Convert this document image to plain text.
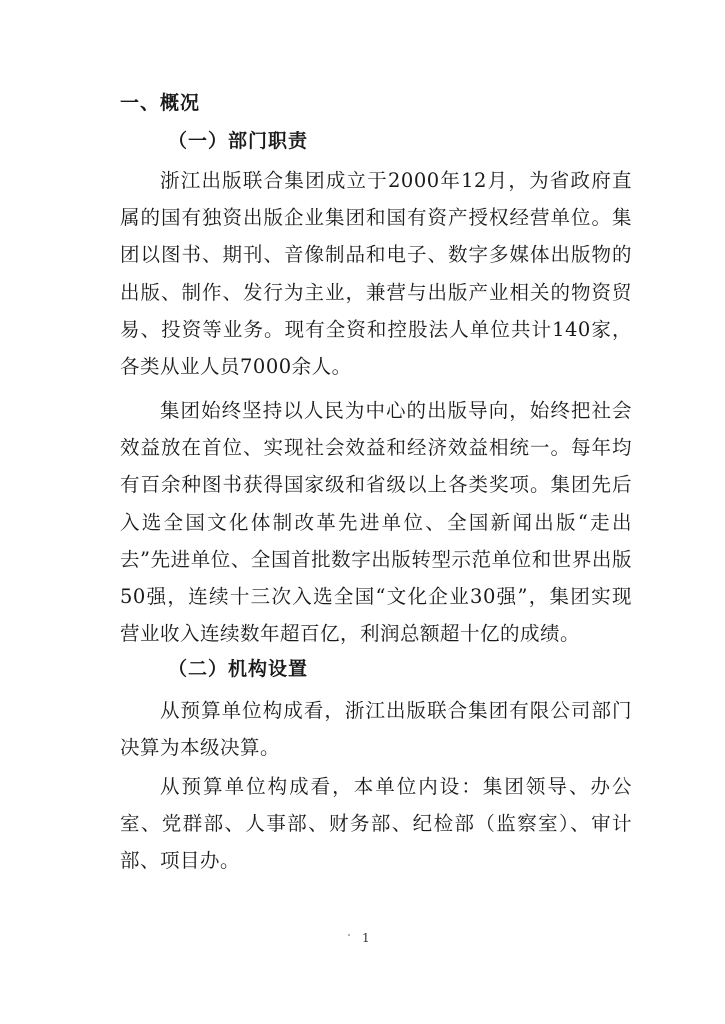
一、概况
（一）部门职责

浙江出版联合集团成立于2000年12月，为省政府直属的国有独资出版企业集团和国有资产授权经营单位。集团以图书、期刊、音像制品和电子、数字多媒体出版物的出版、制作、发行为主业，兼营与出版产业相关的物资贸易、投资等业务。现有全资和控股法人单位共计140家，各类从业人员7000余人。

集团始终坚持以人民为中心的出版导向，始终把社会效益放在首位、实现社会效益和经济效益相统一。每年均有百余种图书获得国家级和省级以上各类奖项。集团先后入选全国文化体制改革先进单位、全国新闻出版“走出去”先进单位、全国首批数字出版转型示范单位和世界出版50强，连续十三次入选全国“文化企业30强”，集团实现营业收入连续数年超百亿，利润总额超十亿的成绩。

（二）机构设置

从预算单位构成看，浙江出版联合集团有限公司部门决算为本级决算。

从预算单位构成看，本单位内设：集团领导、办公室、党群部、人事部、财务部、纪检部（监察室）、审计部、项目办。

1
